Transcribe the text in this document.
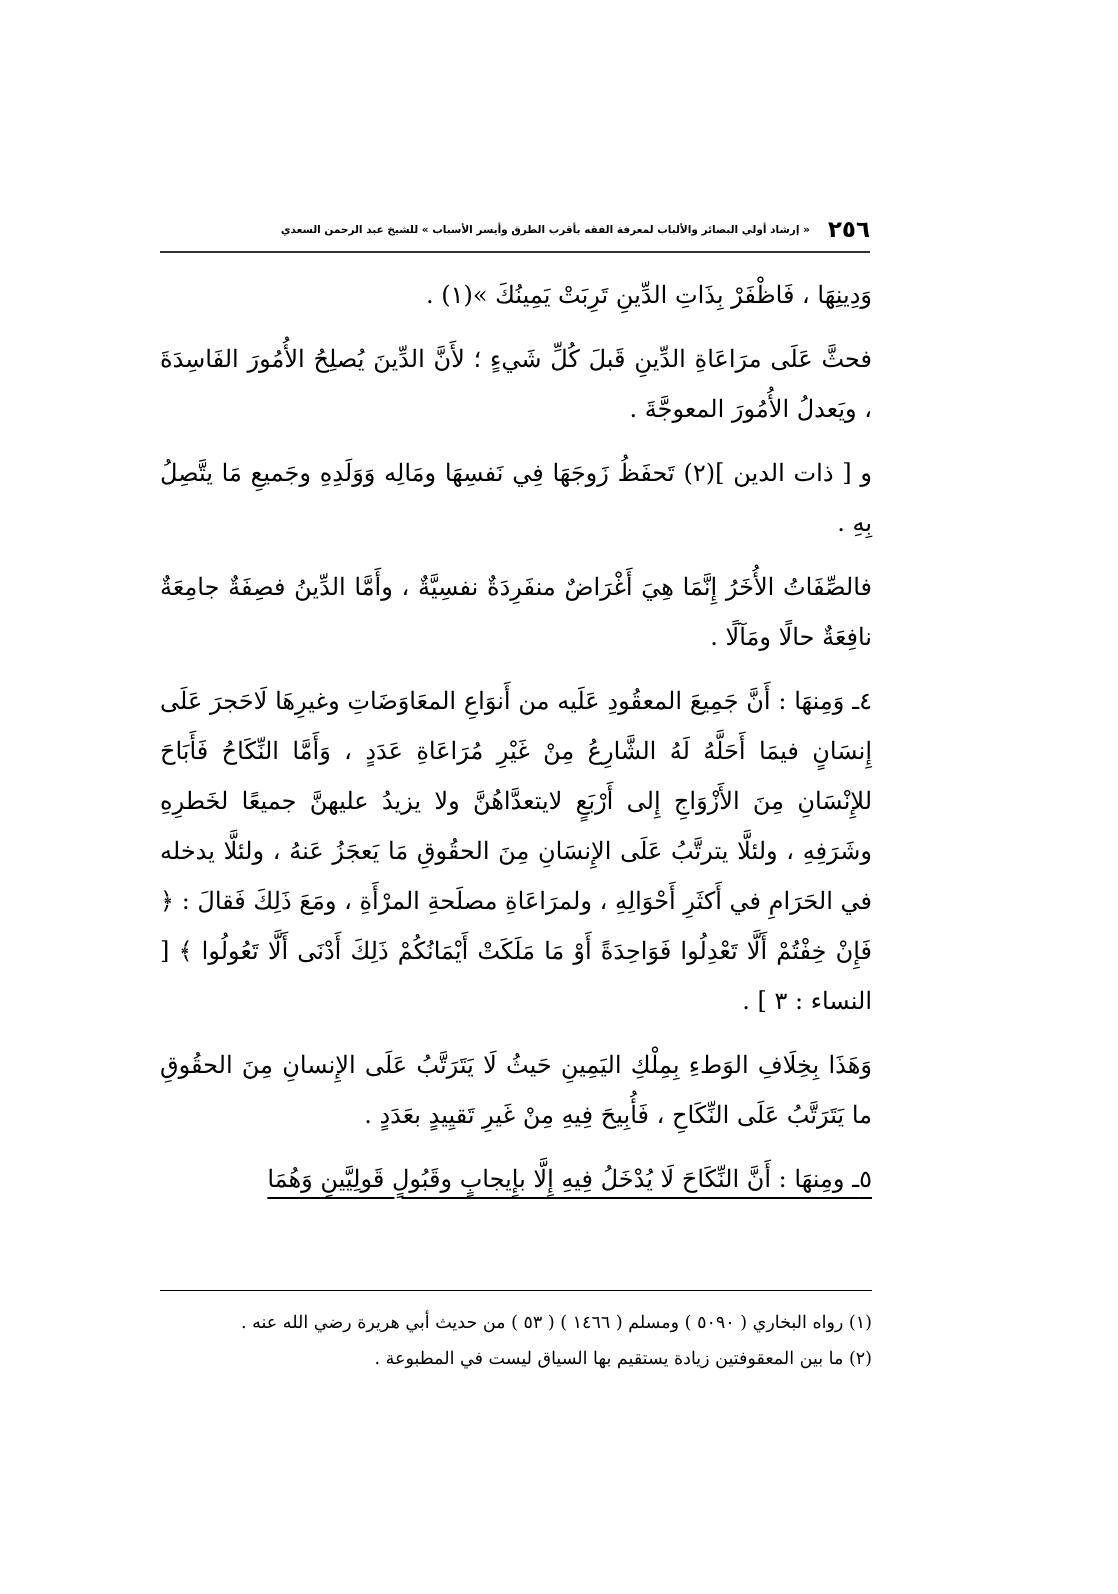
٢٥٦
« إرشاد أولي البصائر والألباب لمعرفة الفقه بأقرب الطرق وأيسر الأسباب » للشيخ عبد الرحمن السعدي

وَدِينِهَا ، فَاظْفَرْ بِذَاتِ الدِّينِ تَرِبَتْ يَمِينُكَ »(١) .

فحثَّ عَلَى مرَاعَاةِ الدِّينِ قَبلَ كُلِّ شَيءٍ ؛ لأَنَّ الدِّينَ يُصلِحُ الأُمُورَ الفَاسِدَةَ ، ويَعدلُ الأُمُورَ المعوجَّةَ .

و [ ذات الدين ](٢) تَحفَظُ زَوجَهَا فِي نَفسِهَا ومَالِه وَوَلَدِهِ وجَميعِ مَا يتَّصِلُ بِهِ .

فالصِّفَاتُ الأُخَرُ إِنَّمَا هِيَ أَغْرَاضٌ منفَرِدَةٌ نفسِيَّةٌ ، وأَمَّا الدِّينُ فصِفَةٌ جامِعَةٌ نافِعَةٌ حالًا ومَآلًا .

٤ـ وَمِنهَا : أَنَّ جَمِيعَ المعقُودِ عَلَيه من أَنوَاعِ المعَاوَضَاتِ وغيرِهَا لَاحَجرَ عَلَى إِنسَانٍ فيمَا أَحَلَّهُ لَهُ الشَّارِعُ مِنْ غَيْرِ مُرَاعَاةِ عَدَدٍ ، وَأَمَّا النِّكَاحُ فَأَبَاحَ للإِنْسَانِ مِنَ الأَزْوَاجِ إِلى أَرْبَعٍ لايتعدَّاهُنَّ ولا يزيدُ عليهنَّ جميعًا لخَطرِهِ وشَرَفِهِ ، ولئلَّا يترتَّبُ عَلَى الإِنسَانِ مِنَ الحقُوقِ مَا يَعجَزُ عَنهُ ، ولئلَّا يدخله في الحَرَامِ في أَكثَرِ أَحْوَالِهِ ، ولمرَاعَاةِ مصلَحةِ المرْأَةِ ، ومَعَ ذَلِكَ فَقالَ : ﴿ فَإِنْ خِفْتُمْ أَلَّا تَعْدِلُوا فَوَاحِدَةً أَوْ مَا مَلَكَتْ أَيْمَانُكُمْ ذَلِكَ أَدْنَى أَلَّا تَعُولُوا ﴾ [ النساء : ٣ ] .

وَهَذَا بِخِلَافِ الوَطءِ بِمِلْكِ اليَمِينِ حَيثُ لَا يَتَرَتَّبُ عَلَى الإِنسانِ مِنَ الحقُوقِ ما يَتَرَتَّبُ عَلَى النِّكَاحِ ، فَأُبِيحَ فِيهِ مِنْ غَيرِ تَقيِيدٍ بعَدَدٍ .

٥ـ ومِنهَا : أَنَّ النِّكَاحَ لَا يُدْخَلُ فِيهِ إِلَّا بإِيجابٍ وقَبُولٍ قَولِيَّينِ وَهُمَا

(١) رواه البخاري ( ٥٠٩٠ ) ومسلم ( ١٤٦٦ ) ( ٥٣ ) من حديث أبي هريرة رضي الله عنه .

(٢) ما بين المعقوفتين زيادة يستقيم بها السياق ليست في المطبوعة .
